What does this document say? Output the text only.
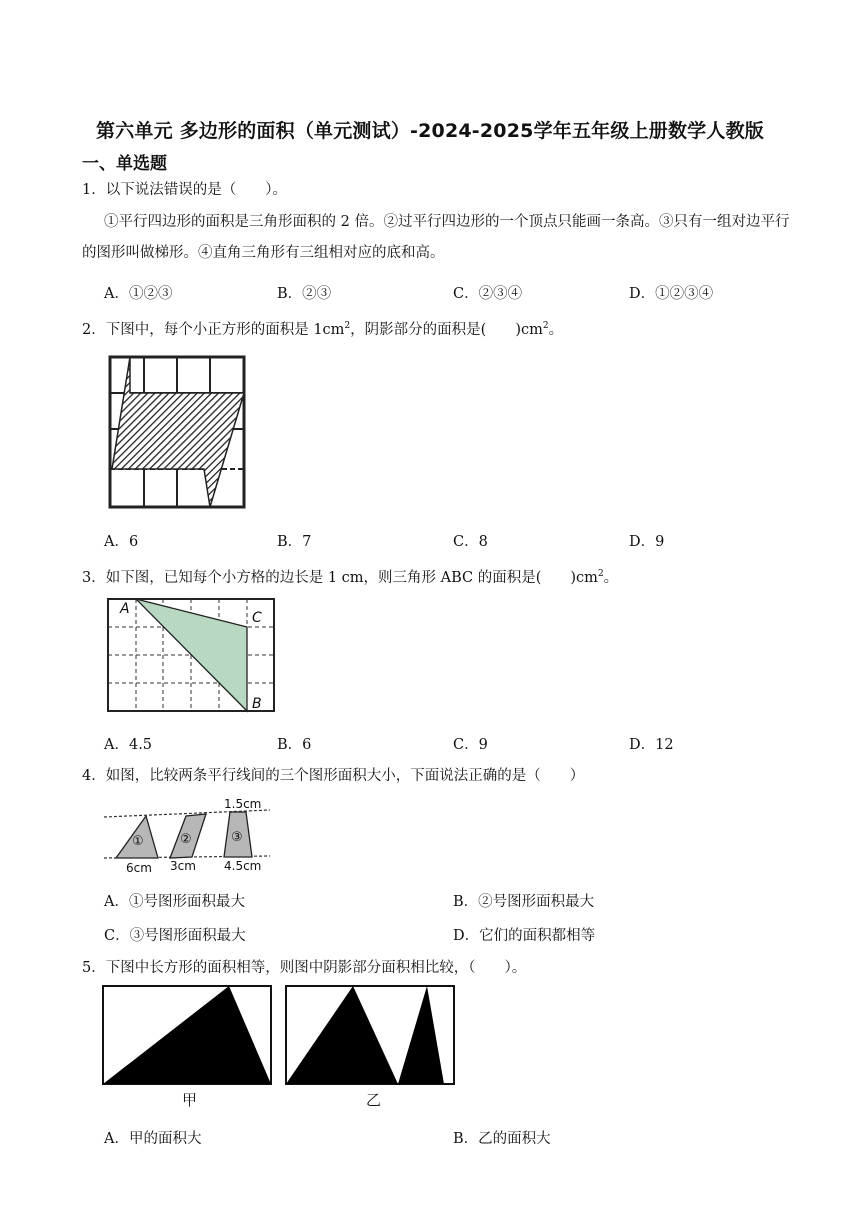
第六单元 多边形的面积（单元测试）-2024-2025学年五年级上册数学人教版
一、单选题
1．以下说法错误的是（　　）。
①平行四边形的面积是三角形面积的 2 倍。②过平行四边形的一个顶点只能画一条高。③只有一组对边平行的图形叫做梯形。④直角三角形有三组相对应的底和高。
A．①②③	B．②③	C．②③④	D．①②③④
2．下图中，每个小正方形的面积是 $1cm^2$，阴影部分的面积是(　　)$cm^2$。
A．6	B．7	C．8	D．9
3．如下图，已知每个小方格的边长是 1 cm，则三角形 ABC 的面积是(　　)$cm^2$。
A
C
B
A．4.5	B．6	C．9	D．12
4．如图，比较两条平行线间的三个图形面积大小，下面说法正确的是（　　）
1.5cm
①	②	③
6cm 3cm 4.5cm
A．①号图形面积最大	B．②号图形面积最大
C．③号图形面积最大	D．它们的面积都相等
5．下图中长方形的面积相等，则图中阴影部分面积相比较，（　　）。
甲	乙
A．甲的面积大	B．乙的面积大
